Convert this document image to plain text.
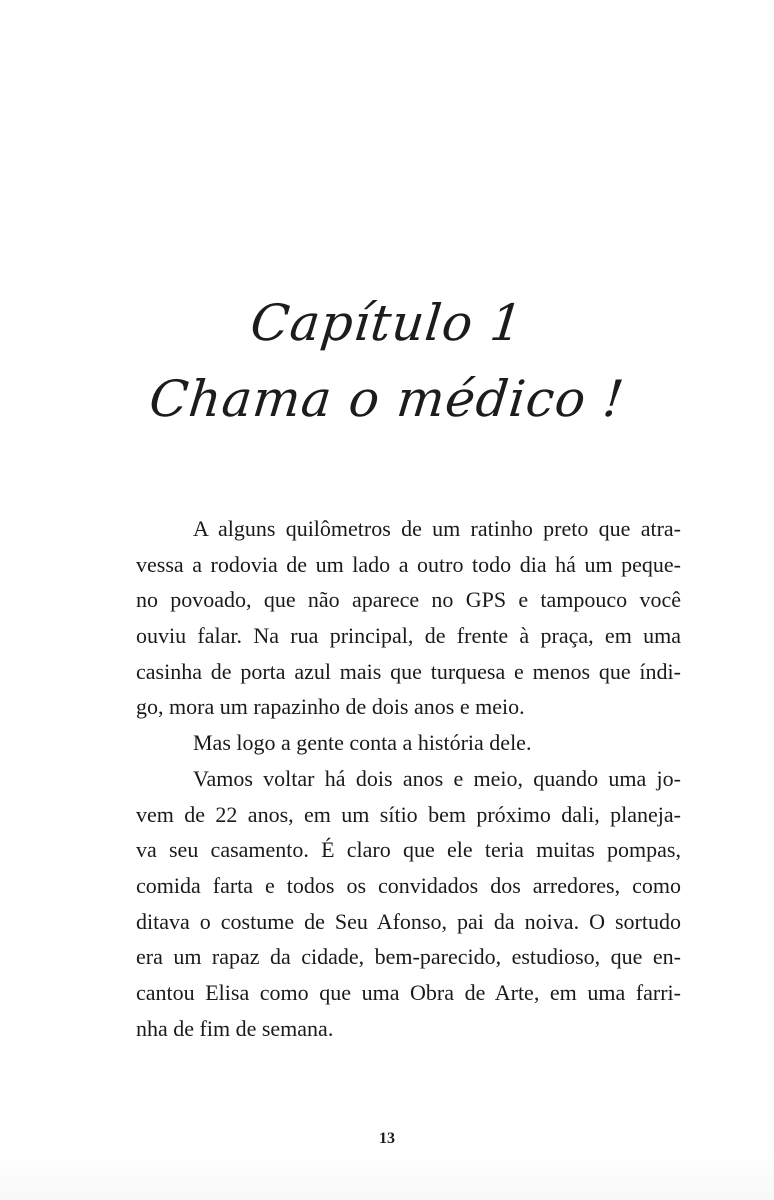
Capítulo 1
Chama o médico !
A alguns quilômetros de um ratinho preto que atra-
vessa a rodovia de um lado a outro todo dia há um peque-
no povoado, que não aparece no GPS e tampouco você
ouviu falar. Na rua principal, de frente à praça, em uma
casinha de porta azul mais que turquesa e menos que índi-
go, mora um rapazinho de dois anos e meio.
Mas logo a gente conta a história dele.
Vamos voltar há dois anos e meio, quando uma jo-
vem de 22 anos, em um sítio bem próximo dali, planeja-
va seu casamento. É claro que ele teria muitas pompas,
comida farta e todos os convidados dos arredores, como
ditava o costume de Seu Afonso, pai da noiva. O sortudo
era um rapaz da cidade, bem-parecido, estudioso, que en-
cantou Elisa como que uma Obra de Arte, em uma farri-
nha de fim de semana.
13
